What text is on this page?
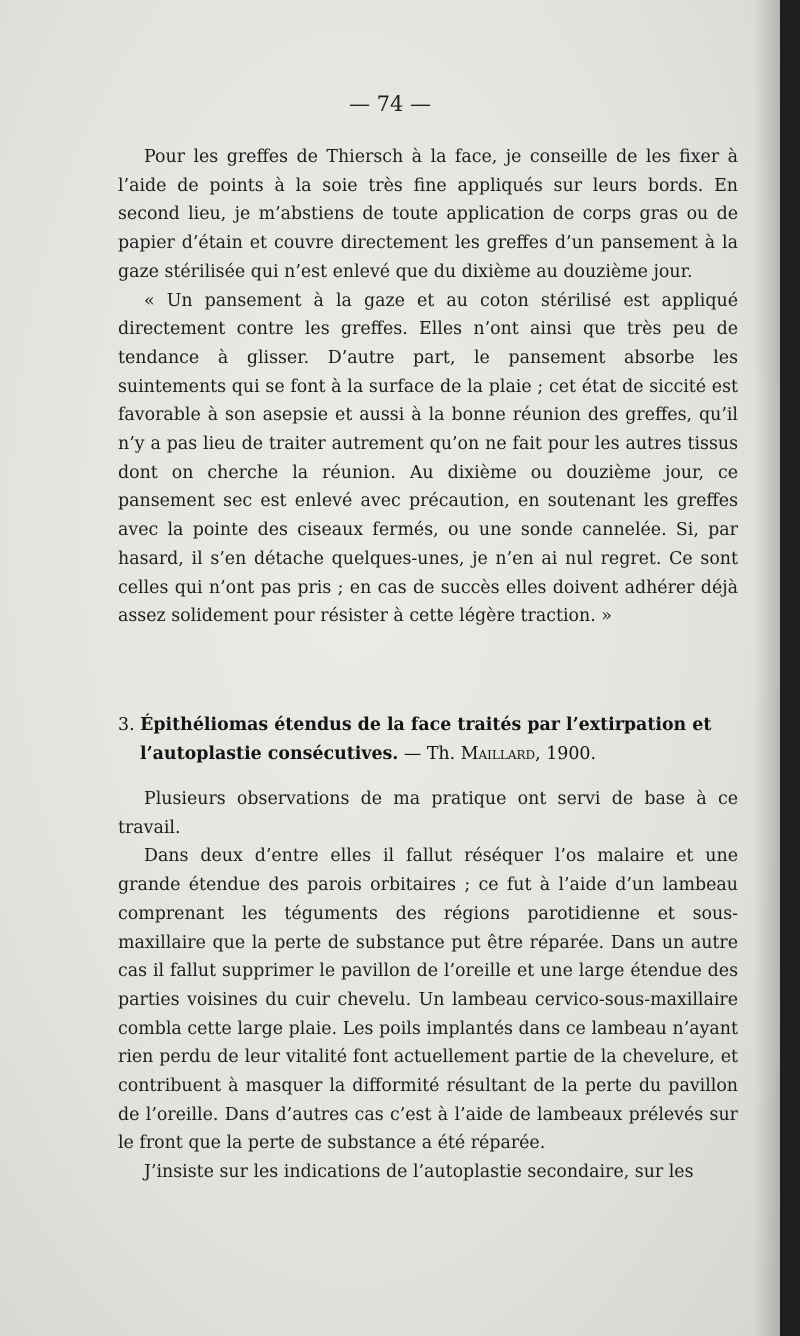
— 74 —

Pour les greffes de Thiersch à la face, je conseille de les fixer à l’aide de points à la soie très fine appliqués sur leurs bords. En second lieu, je m’abstiens de toute application de corps gras ou de papier d’étain et couvre directement les greffes d’un pansement à la gaze stérilisée qui n’est enlevé que du dixième au douzième jour.

« Un pansement à la gaze et au coton stérilisé est appliqué directement contre les greffes. Elles n’ont ainsi que très peu de tendance à glisser. D’autre part, le pansement absorbe les suintements qui se font à la surface de la plaie ; cet état de siccité est favorable à son asepsie et aussi à la bonne réunion des greffes, qu’il n’y a pas lieu de traiter autrement qu’on ne fait pour les autres tissus dont on cherche la réunion. Au dixième ou douzième jour, ce pansement sec est enlevé avec précaution, en soutenant les greffes avec la pointe des ciseaux fermés, ou une sonde cannelée. Si, par hasard, il s’en détache quelques-unes, je n’en ai nul regret. Ce sont celles qui n’ont pas pris ; en cas de succès elles doivent adhérer déjà assez solidement pour résister à cette légère traction. »

3. Épithéliomas étendus de la face traités par l’extirpation et
l’autoplastie consécutives. — Th. Maillard, 1900.

Plusieurs observations de ma pratique ont servi de base à ce travail.

Dans deux d’entre elles il fallut réséquer l’os malaire et une grande étendue des parois orbitaires ; ce fut à l’aide d’un lambeau comprenant les téguments des régions parotidienne et sous-maxillaire que la perte de substance put être réparée. Dans un autre cas il fallut supprimer le pavillon de l’oreille et une large étendue des parties voisines du cuir chevelu. Un lambeau cervico-sous-maxillaire combla cette large plaie. Les poils implantés dans ce lambeau n’ayant rien perdu de leur vitalité font actuellement partie de la chevelure, et contribuent à masquer la difformité résultant de la perte du pavillon de l’oreille. Dans d’autres cas c’est à l’aide de lambeaux prélevés sur le front que la perte de substance a été réparée.

J’insiste sur les indications de l’autoplastie secondaire, sur les
